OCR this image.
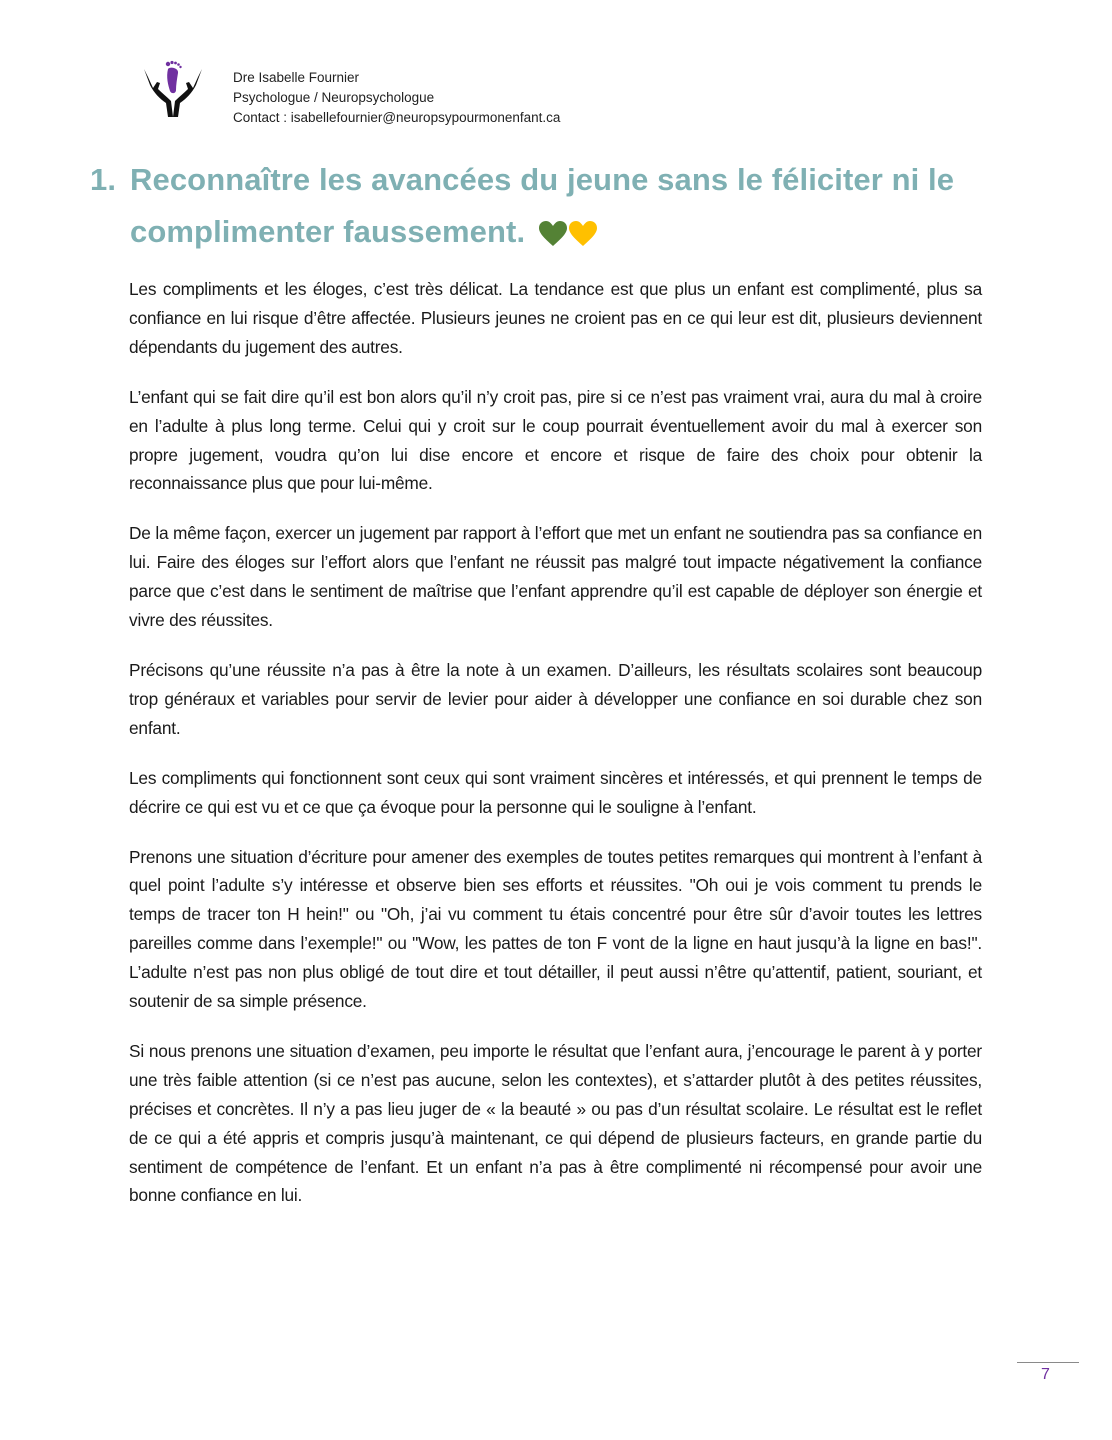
Dre Isabelle Fournier
Psychologue / Neuropsychologue
Contact : isabellefournier@neuropsypourmonenfant.ca
1. Reconnaître les avancées du jeune sans le féliciter ni le
complimenter faussement.

Les compliments et les éloges, c’est très délicat. La tendance est que plus un enfant est complimenté, plus sa confiance en lui risque d’être affectée. Plusieurs jeunes ne croient pas en ce qui leur est dit, plusieurs deviennent dépendants du jugement des autres.

L’enfant qui se fait dire qu’il est bon alors qu’il n’y croit pas, pire si ce n’est pas vraiment vrai, aura du mal à croire en l’adulte à plus long terme. Celui qui y croit sur le coup pourrait éventuellement avoir du mal à exercer son propre jugement, voudra qu’on lui dise encore et encore et risque de faire des choix pour obtenir la reconnaissance plus que pour lui-même.

De la même façon, exercer un jugement par rapport à l’effort que met un enfant ne soutiendra pas sa confiance en lui. Faire des éloges sur l’effort alors que l’enfant ne réussit pas malgré tout impacte négativement la confiance parce que c’est dans le sentiment de maîtrise que l’enfant apprendre qu’il est capable de déployer son énergie et vivre des réussites.

Précisons qu’une réussite n’a pas à être la note à un examen. D’ailleurs, les résultats scolaires sont beaucoup trop généraux et variables pour servir de levier pour aider à développer une confiance en soi durable chez son enfant.

Les compliments qui fonctionnent sont ceux qui sont vraiment sincères et intéressés, et qui prennent le temps de décrire ce qui est vu et ce que ça évoque pour la personne qui le souligne à l’enfant.

Prenons une situation d’écriture pour amener des exemples de toutes petites remarques qui montrent à l’enfant à quel point l’adulte s’y intéresse et observe bien ses efforts et réussites. "Oh oui je vois comment tu prends le temps de tracer ton H hein!" ou "Oh, j’ai vu comment tu étais concentré pour être sûr d’avoir toutes les lettres pareilles comme dans l’exemple!" ou "Wow, les pattes de ton F vont de la ligne en haut jusqu’à la ligne en bas!". L’adulte n’est pas non plus obligé de tout dire et tout détailler, il peut aussi n’être qu’attentif, patient, souriant, et soutenir de sa simple présence.

Si nous prenons une situation d’examen, peu importe le résultat que l’enfant aura, j’encourage le parent à y porter une très faible attention (si ce n’est pas aucune, selon les contextes), et s’attarder plutôt à des petites réussites, précises et concrètes. Il n’y a pas lieu juger de « la beauté » ou pas d’un résultat scolaire. Le résultat est le reflet de ce qui a été appris et compris jusqu’à maintenant, ce qui dépend de plusieurs facteurs, en grande partie du sentiment de compétence de l’enfant. Et un enfant n’a pas à être complimenté ni récompensé pour avoir une bonne confiance en lui.

7
